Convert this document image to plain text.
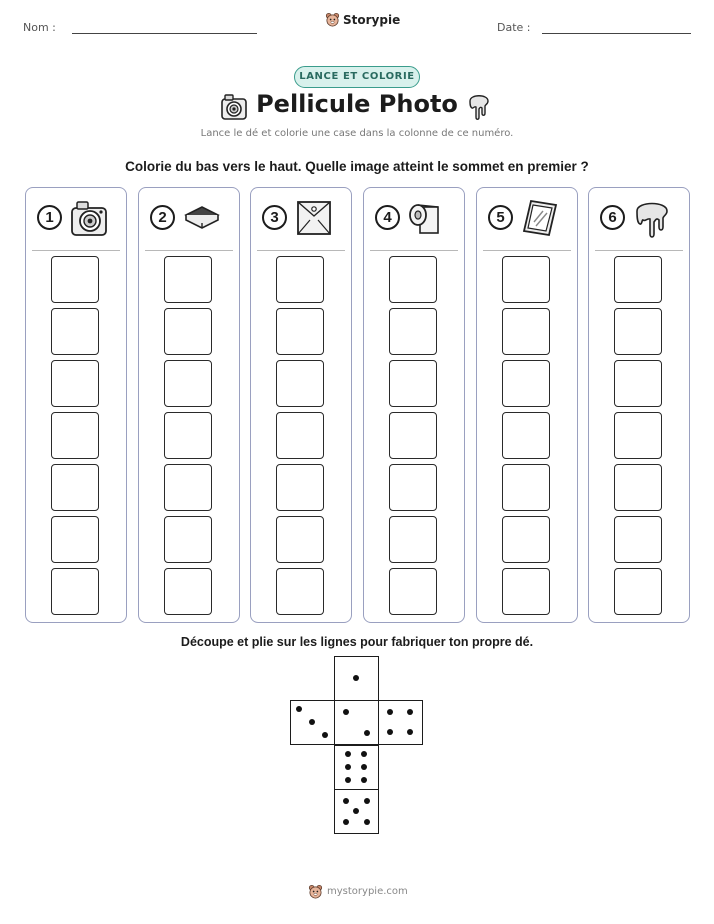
Nom :
Storypie
Date :
LANCE ET COLORIE
Pellicule Photo
Lance le dé et colorie une case dans la colonne de ce numéro.
Colorie du bas vers le haut. Quelle image atteint le sommet en premier ?
1	2	3	4	5	6
Découpe et plie sur les lignes pour fabriquer ton propre dé.
mystorypie.com
